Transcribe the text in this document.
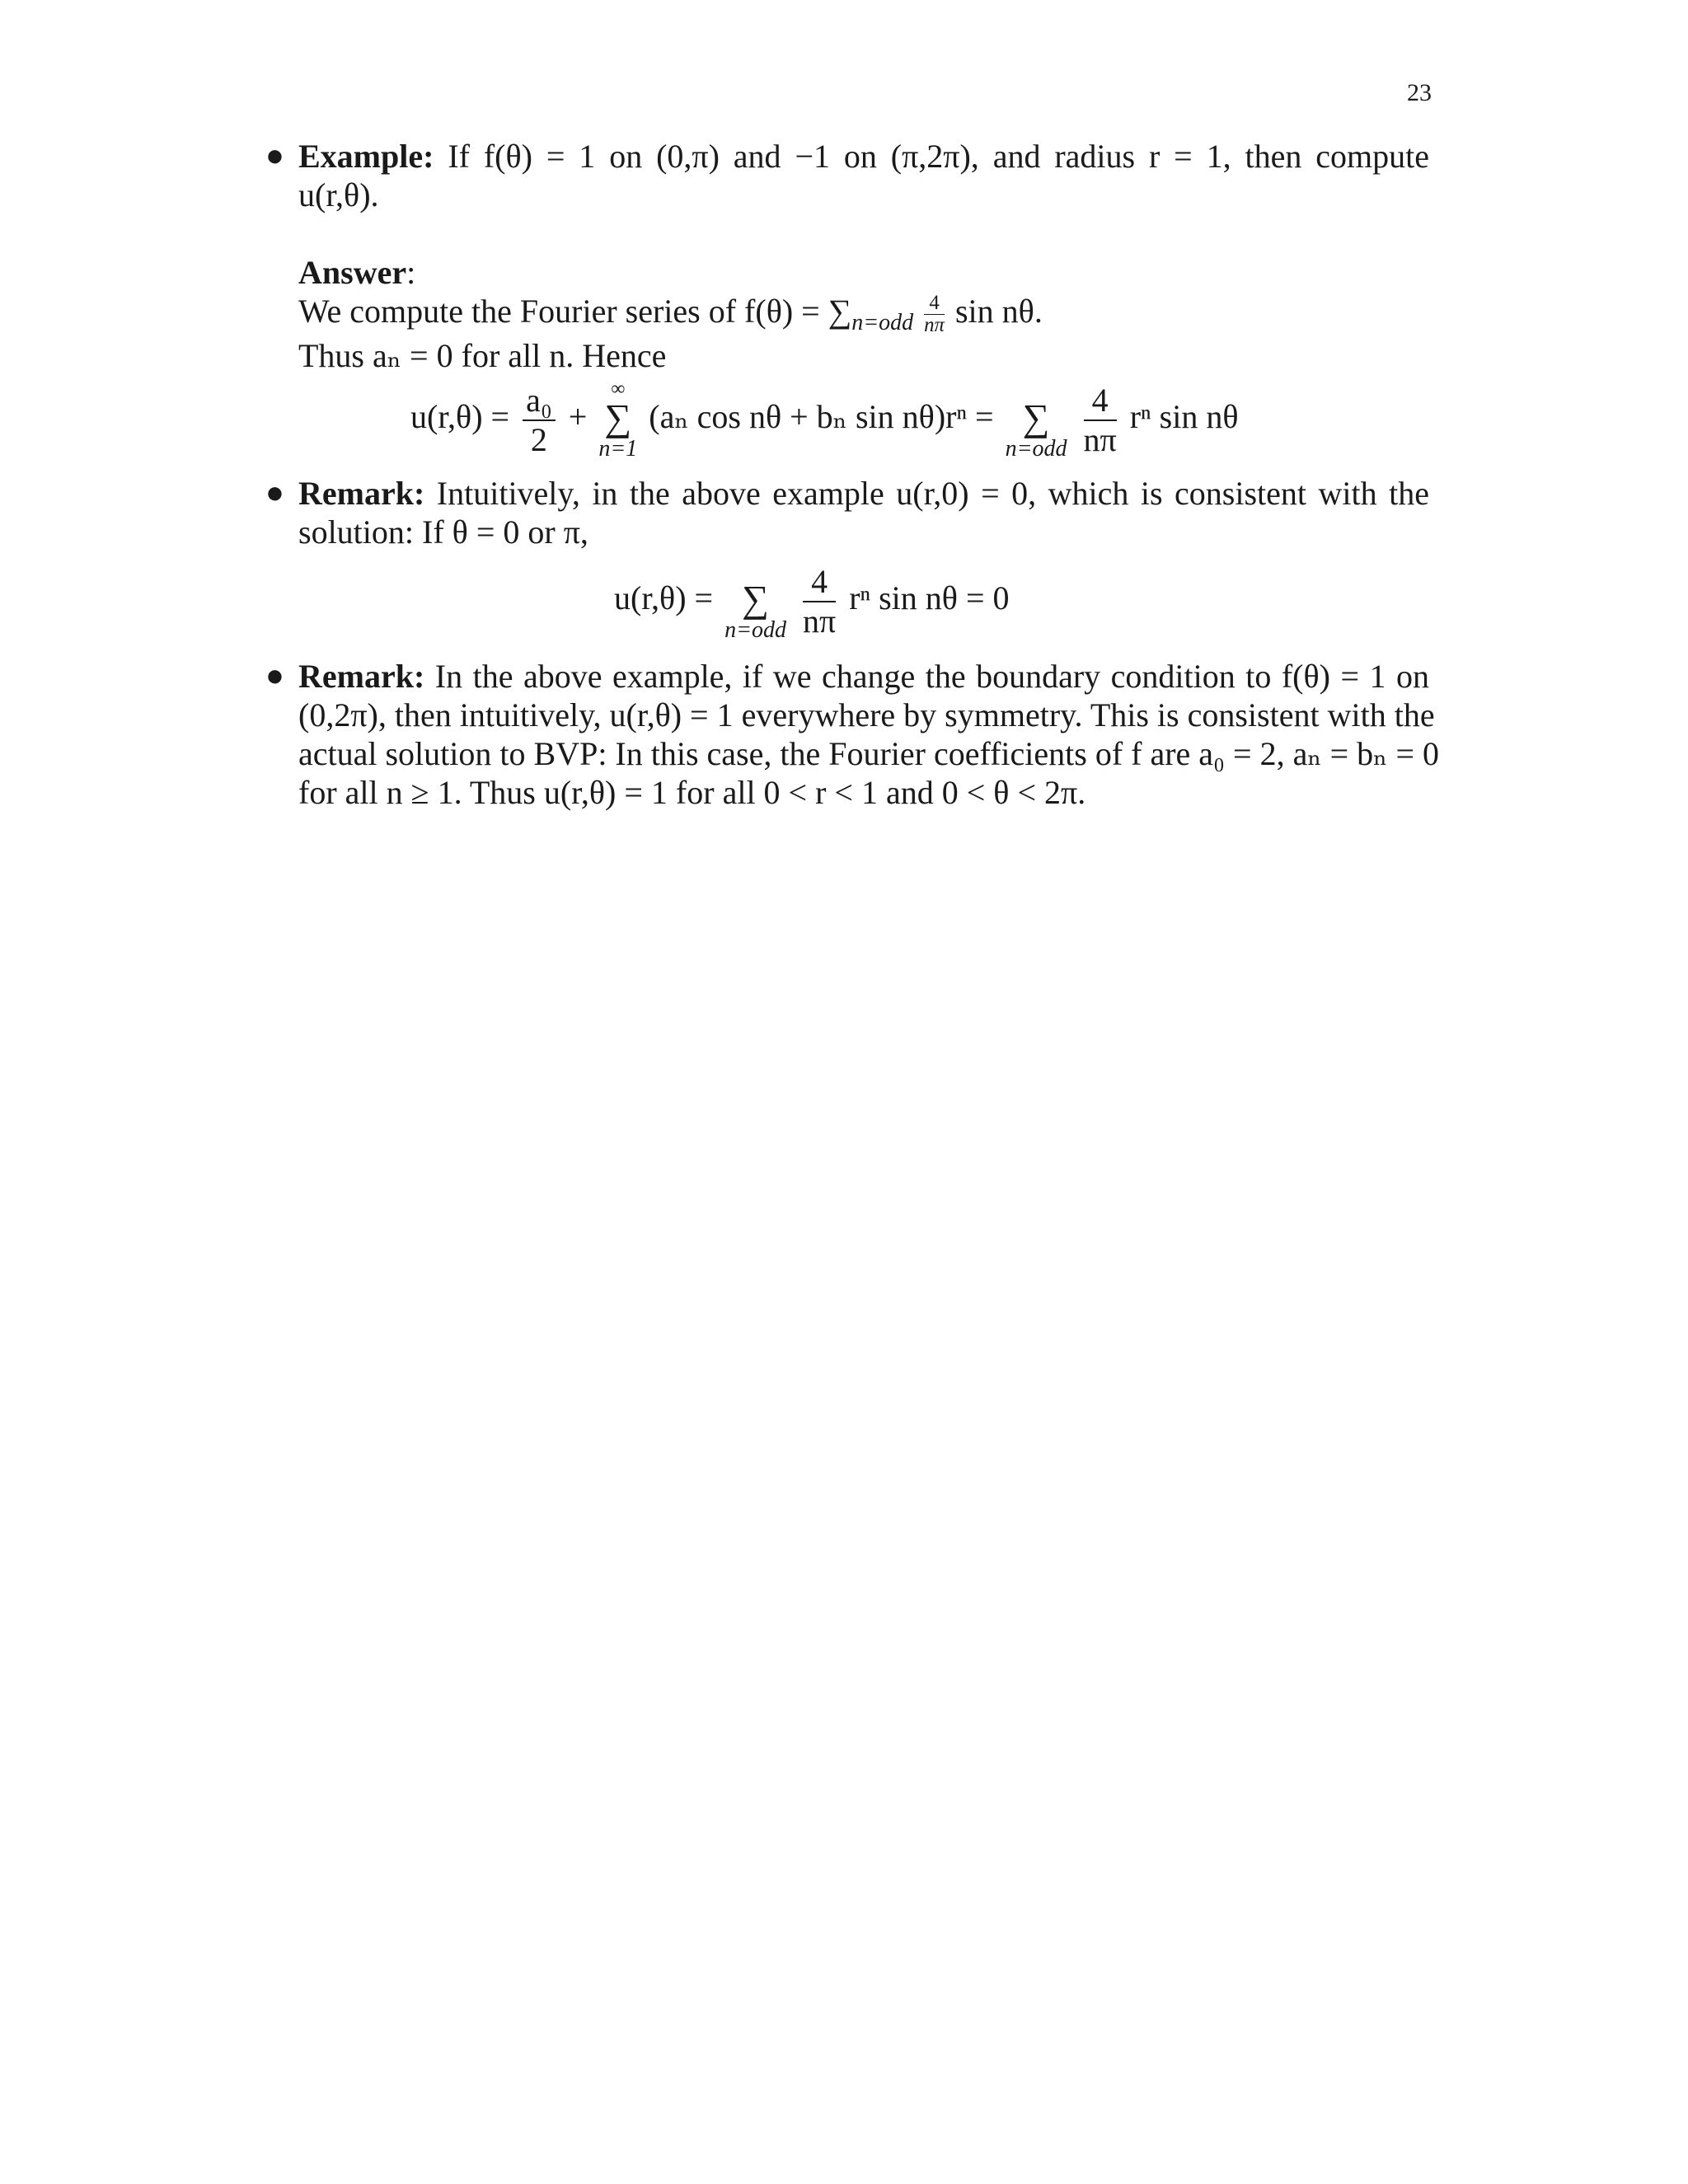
23
● Example: If f(θ) = 1 on (0,π) and −1 on (π,2π), and radius r = 1, then compute
u(r,θ).
Answer:
We compute the Fourier series of $f(\theta) = \sum_{n=odd} \frac{4}{n\pi}$ sin nθ.
Thus aₙ = 0 for all n. Hence
$u(r,\theta) = \frac{\text{a₀}}{2}$ +
∞
∑
n=1
(aₙ cos nθ + bₙ sin nθ)rⁿ =
∑
n=odd
$\frac{4}{n\pi}$ rⁿ sin nθ
● Remark: Intuitively, in the above example u(r,0) = 0, which is consistent with the
solution: If θ = 0 or π,
u(r,θ) =
∑
n=odd
$\frac{4}{n\pi}$ rⁿ sin nθ = 0
● Remark: In the above example, if we change the boundary condition to f(θ) = 1 on
(0,2π), then intuitively, u(r,θ) = 1 everywhere by symmetry. This is consistent with the
actual solution to BVP: In this case, the Fourier coefficients of f are a₀ = 2, aₙ = bₙ = 0
for all n ≥ 1. Thus u(r,θ) = 1 for all 0 < r < 1 and 0 < θ < 2π.
